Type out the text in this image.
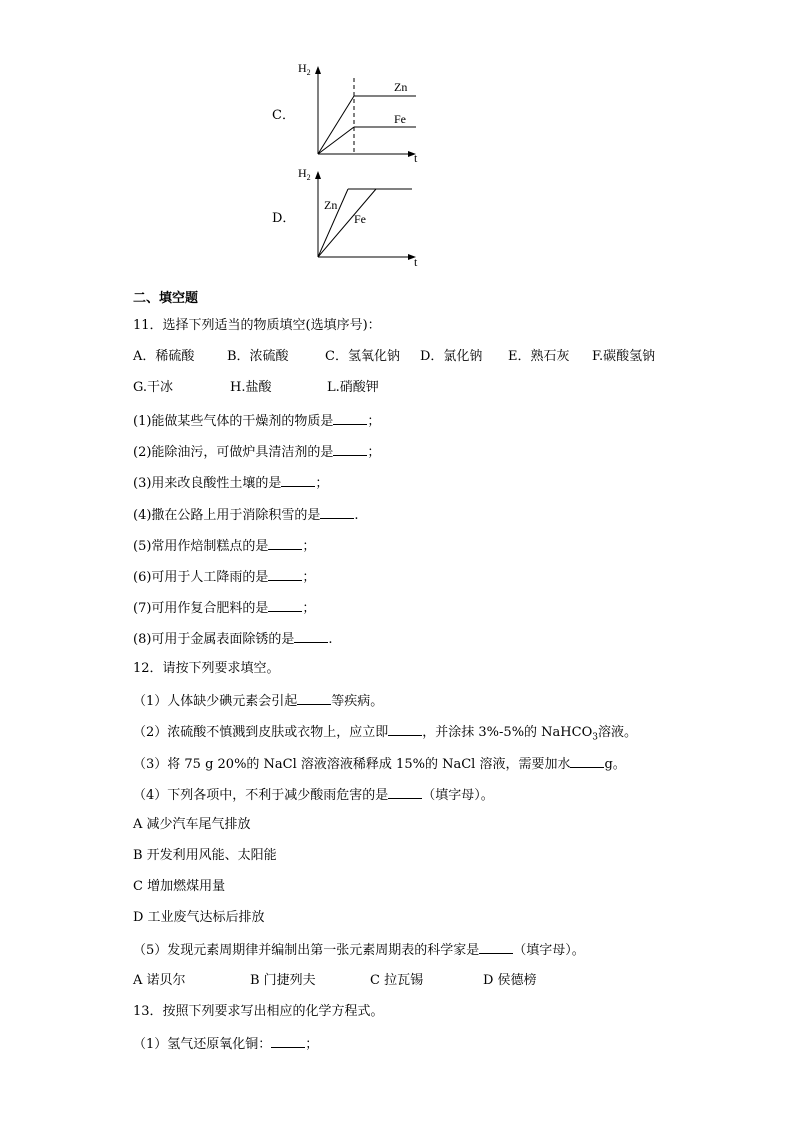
C．
$H_2$
t
Zn
Fe
D．
$H_2$
t
Zn
Fe
二、填空题
11．选择下列适当的物质填空(选填序号)：
A．稀硫酸	B．浓硫酸	C．氢氧化钠 D．氯化钠 E．熟石灰 F.碳酸氢钠
G.干冰	H.盐酸	L.硝酸钾
(1)能做某些气体的干燥剂的物质是	；
(2)能除油污，可做炉具清洁剂的是	；
(3)用来改良酸性土壤的是	；
(4)撒在公路上用于消除积雪的是	.
(5)常用作焙制糕点的是	；
(6)可用于人工降雨的是	；
(7)可用作复合肥料的是	；
(8)可用于金属表面除锈的是	.
12．请按下列要求填空。
（1）人体缺少碘元素会引起	等疾病。
（2）浓硫酸不慎溅到皮肤或衣物上，应立即	，并涂抹 3%-5%的 NaHCO$_3$溶液。
（3）将 75 g 20%的 NaCl 溶液溶液稀释成 15%的 NaCl 溶液，需要加水	g。
（4）下列各项中，不利于减少酸雨危害的是	（填字母）。
A 减少汽车尾气排放
B 开发利用风能、太阳能
C 增加燃煤用量
D 工业废气达标后排放
（5）发现元素周期律并编制出第一张元素周期表的科学家是	（填字母）。
A 诺贝尔	B 门捷列夫	C 拉瓦锡	D 侯德榜
13．按照下列要求写出相应的化学方程式。
（1）氢气还原氧化铜：	；
